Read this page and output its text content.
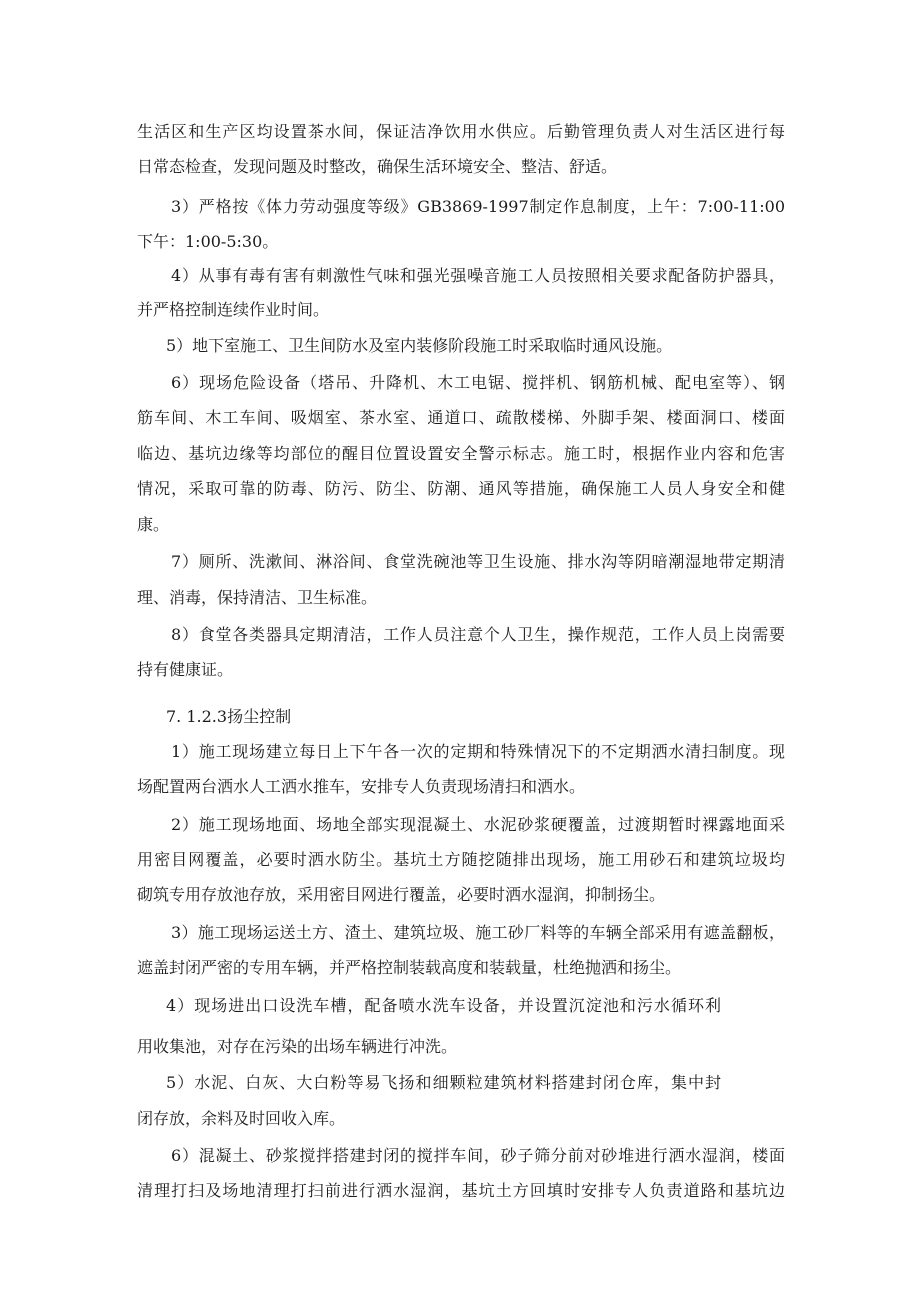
生活区和生产区均设置茶水间，保证洁净饮用水供应。后勤管理负责人对生活区进行每
日常态检查，发现问题及时整改，确保生活环境安全、整洁、舒适。
3）严格按《体力劳动强度等级》GB3869-1997制定作息制度，上午：7:00-11:00
下午：1:00-5:30。
4）从事有毒有害有刺激性气味和强光强噪音施工人员按照相关要求配备防护器具，
并严格控制连续作业时间。
5）地下室施工、卫生间防水及室内装修阶段施工时采取临时通风设施。
6）现场危险设备（塔吊、升降机、木工电锯、搅拌机、钢筋机械、配电室等）、钢
筋车间、木工车间、吸烟室、茶水室、通道口、疏散楼梯、外脚手架、楼面洞口、楼面
临边、基坑边缘等均部位的醒目位置设置安全警示标志。施工时，根据作业内容和危害
情况，采取可靠的防毒、防污、防尘、防潮、通风等措施，确保施工人员人身安全和健
康。
7）厕所、洗漱间、淋浴间、食堂洗碗池等卫生设施、排水沟等阴暗潮湿地带定期清
理、消毒，保持清洁、卫生标准。
8）食堂各类器具定期清洁，工作人员注意个人卫生，操作规范，工作人员上岗需要
持有健康证。
7. 1.2.3扬尘控制
1）施工现场建立每日上下午各一次的定期和特殊情况下的不定期洒水清扫制度。现
场配置两台洒水人工洒水推车，安排专人负责现场清扫和洒水。
2）施工现场地面、场地全部实现混凝土、水泥砂浆硬覆盖，过渡期暂时裸露地面采
用密目网覆盖，必要时洒水防尘。基坑土方随挖随排出现场，施工用砂石和建筑垃圾均
砌筑专用存放池存放，采用密目网进行覆盖，必要时洒水湿润，抑制扬尘。
3）施工现场运送土方、渣土、建筑垃圾、施工砂厂料等的车辆全部采用有遮盖翻板，
遮盖封闭严密的专用车辆，并严格控制装载高度和装载量，杜绝抛洒和扬尘。
4）现场进出口设洗车槽，配备喷水洗车设备，并设置沉淀池和污水循环利
用收集池，对存在污染的出场车辆进行冲洗。
5）水泥、白灰、大白粉等易飞扬和细颗粒建筑材料搭建封闭仓库，集中封
闭存放，余料及时回收入库。
6）混凝土、砂浆搅拌搭建封闭的搅拌车间，砂子筛分前对砂堆进行洒水湿润，楼面
清理打扫及场地清理打扫前进行洒水湿润，基坑土方回填时安排专人负责道路和基坑边
